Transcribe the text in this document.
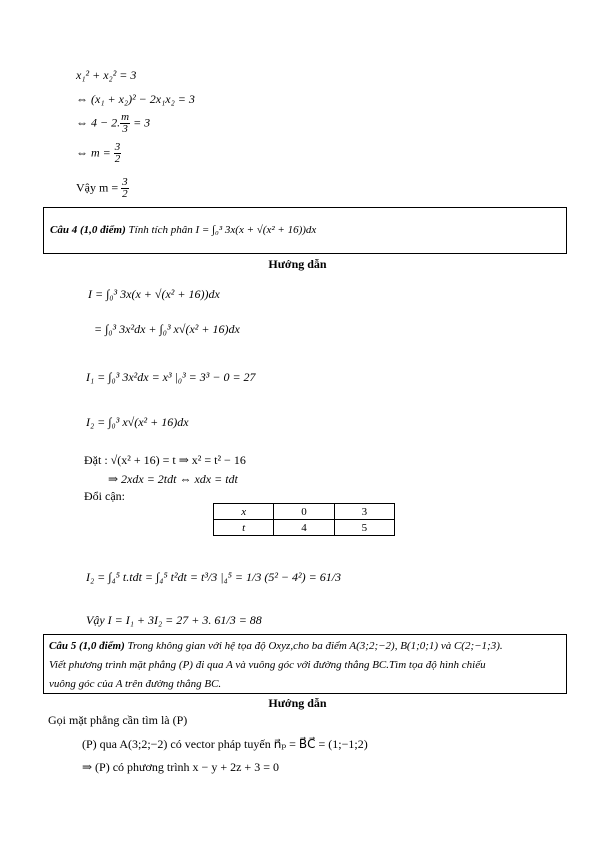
x₁² + x₂² = 3
⇔ (x₁ + x₂)² − 2x₁x₂ = 3
⇔ 4 − 2. $\frac{m}{3} = 3$
⇔ $m = \frac{3}{2}$
Vậy $m = \frac{3}{2}$
Câu 4 (1,0 điểm) Tính tích phân I = ∫₀³ 3x(x + √(x² + 16))dx
Hướng dẫn
I = ∫₀³ 3x(x + √(x² + 16))dx
= ∫₀³ 3x²dx + ∫₀³ x√(x² + 16)dx
I₁ = ∫₀³ 3x²dx = x³ |₀³ = 3³ − 0 = 27
I₂ = ∫₀³ x√(x² + 16)dx
Đặt : √(x² + 16) = t ⇒ x² = t² − 16
⇒ 2xdx = 2tdt ⇔ xdx = tdt
Đổi cận:
x	0	3
t	4	5
I₂ = ∫₄⁵ t.tdt = ∫₄⁵ t²dt = t³/3 |₄⁵ = 1/3 (5² − 4²) = 61/3
Vậy I = I₁ + 3I₂ = 27 + 3. 61/3 = 88
Câu 5 (1,0 điểm) Trong không gian với hệ tọa độ Oxyz,cho ba điểm A(3;2;−2), B(1;0;1) và C(2;−1;3).
Viết phương trình mặt phẳng (P) đi qua A và vuông góc với đường thẳng BC.Tìm tọa độ hình chiếu
vuông góc của A trên đường thẳng BC.
Hướng dẫn
Gọi mặt phẳng cần tìm là (P)
(P) qua A(3;2;−2) có vector pháp tuyến n⃗ₚ = B⃗C⃗ = (1;−1;2)
⇒ (P) có phương trình x − y + 2z + 3 = 0
